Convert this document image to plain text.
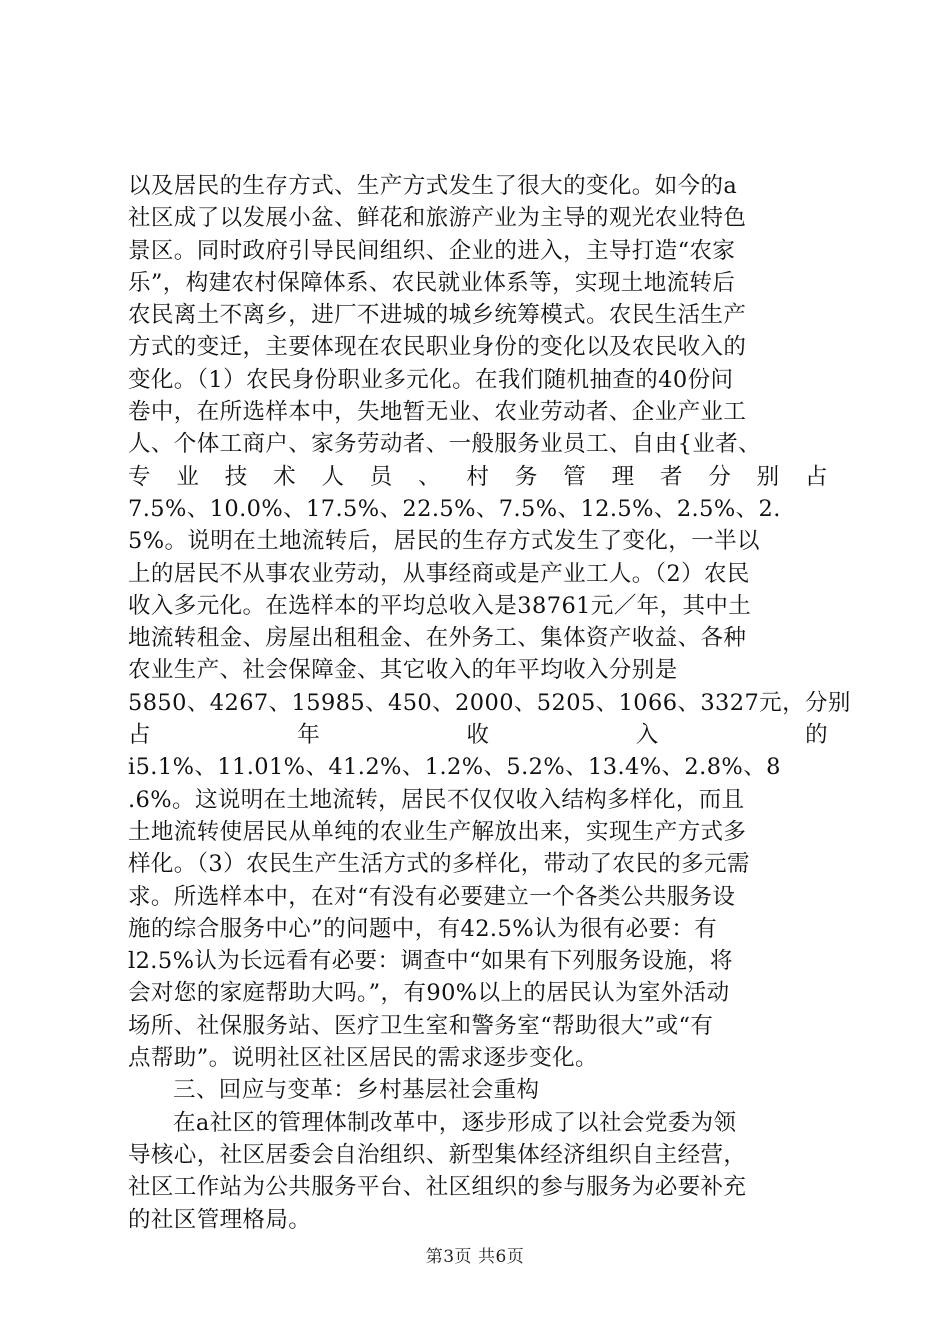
以及居民的生存方式、生产方式发生了很大的变化。如今的a
社区成了以发展小盆、鲜花和旅游产业为主导的观光农业特色
景区。同时政府引导民间组织、企业的进入，主导打造“农家
乐”，构建农村保障体系、农民就业体系等，实现土地流转后
农民离土不离乡，进厂不进城的城乡统筹模式。农民生活生产
方式的变迁，主要体现在农民职业身份的变化以及农民收入的
变化。（1）农民身份职业多元化。在我们随机抽查的40份问
卷中，在所选样本中，失地暂无业、农业劳动者、企业产业工
人、个体工商户、家务劳动者、一般服务业员工、自由{业者、
专 业 技 术 人 员 、 村 务 管 理 者 分 别 占
7.5%、10.0%、17.5%、22.5%、7.5%、12.5%、2.5%、2.
5%。说明在土地流转后，居民的生存方式发生了变化，一半以
上的居民不从事农业劳动，从事经商或是产业工人。（2）农民
收入多元化。在选样本的平均总收入是38761元／年，其中土
地流转租金、房屋出租租金、在外务工、集体资产收益、各种
农业生产、社会保障金、其它收入的年平均收入分别是
5850、4267、15985、450、2000、5205、1066、3327元，分别
占	年	收	入	的
i5.1%、11.01%、41.2%、1.2%、5.2%、13.4%、2.8%、8
.6%。这说明在土地流转，居民不仅仅收入结构多样化，而且
土地流转使居民从单纯的农业生产解放出来，实现生产方式多
样化。（3）农民生产生活方式的多样化，带动了农民的多元需
求。所选样本中，在对“有没有必要建立一个各类公共服务设
施的综合服务中心”的问题中，有42.5%认为很有必要：有
l2.5%认为长远看有必要：调查中“如果有下列服务设施，将
会对您的家庭帮助大吗。”，有90%以上的居民认为室外活动
场所、社保服务站、医疗卫生室和警务室“帮助很大”或“有
点帮助”。说明社区社区居民的需求逐步变化。
三、回应与变革：乡村基层社会重构
在a社区的管理体制改革中，逐步形成了以社会党委为领
导核心，社区居委会自治组织、新型集体经济组织自主经营，
社区工作站为公共服务平台、社区组织的参与服务为必要补充
的社区管理格局。
第3页 共6页
